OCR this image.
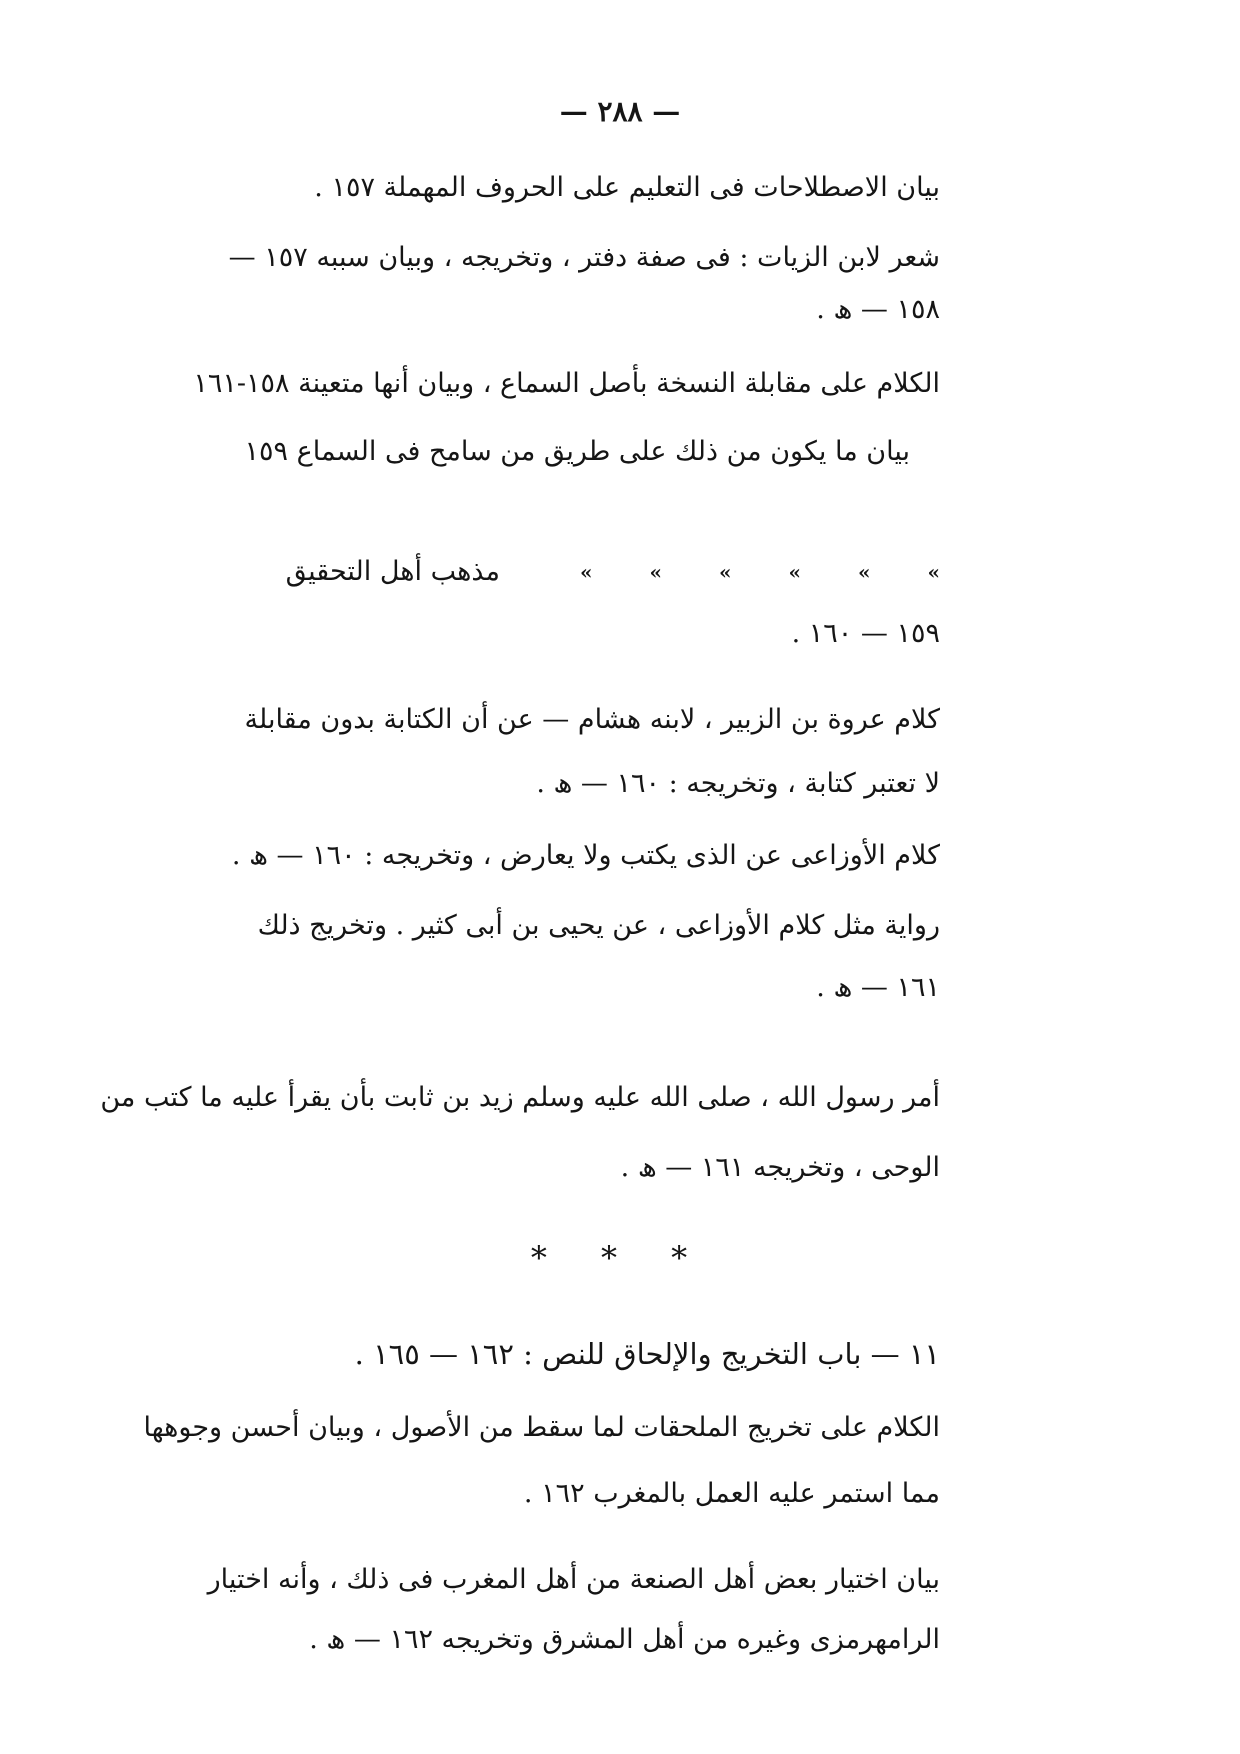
— ٢٨٨ —
بيان الاصطلاحات فى التعليم على الحروف المهملة ١٥٧ .
شعر لابن الزيات : فى صفة دفتر ، وتخريجه ، وبيان سببه ١٥٧ —
١٥٨ — ھ .
الكلام على مقابلة النسخة بأصل السماع ، وبيان أنها متعينة ١٥٨-١٦١
بيان ما يكون من ذلك على طريق من سامح فى السماع ١٥٩
»	»	»	»	»	»
مذهب أهل التحقيق
١٥٩ — ١٦٠ .
كلام عروة بن الزبير ، لابنه هشام — عن أن الكتابة بدون مقابلة
لا تعتبر كتابة ، وتخريجه : ١٦٠ — ھ .
كلام الأوزاعى عن الذى يكتب ولا يعارض ، وتخريجه : ١٦٠ — ھ .
رواية مثل كلام الأوزاعى ، عن يحيى بن أبى كثير . وتخريج ذلك
١٦١ — ھ .
أمر رسول الله ، صلى الله عليه وسلم زيد بن ثابت بأن يقرأ عليه ما كتب من
الوحى ، وتخريجه ١٦١ — ھ .
* * *
١١ — باب التخريج والإلحاق للنص : ١٦٢ — ١٦٥ .
الكلام على تخريج الملحقات لما سقط من الأصول ، وبيان أحسن وجوهها
مما استمر عليه العمل بالمغرب ١٦٢ .
بيان اختيار بعض أهل الصنعة من أهل المغرب فى ذلك ، وأنه اختيار
الرامهرمزى وغيره من أهل المشرق وتخريجه ١٦٢ — ھ .
